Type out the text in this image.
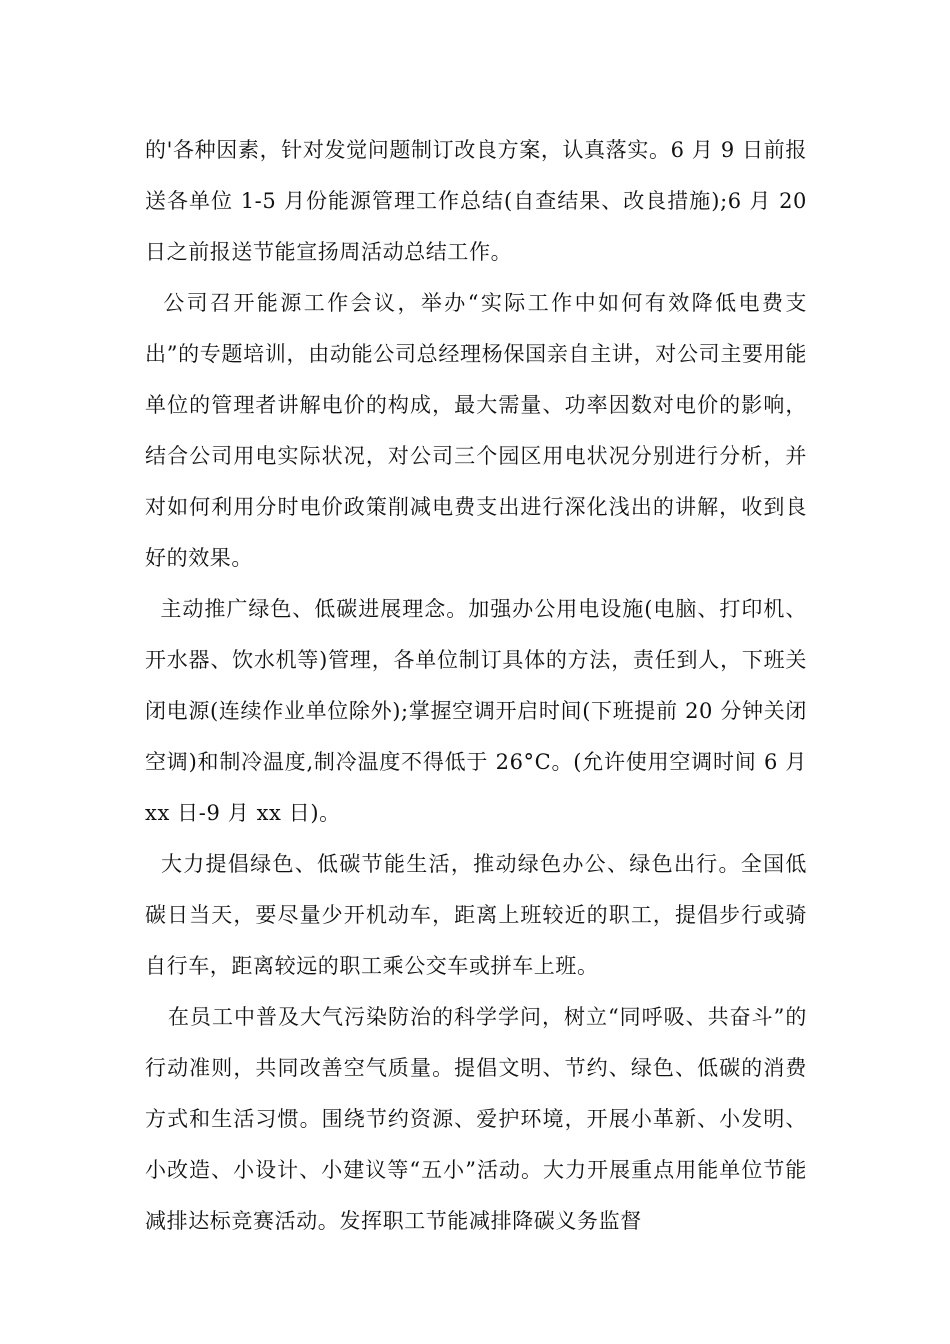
的'各种因素，针对发觉问题制订改良方案，认真落实。6 月 9 日前报送各单位 1-5 月份能源管理工作总结(自查结果、改良措施);6 月 20 日之前报送节能宣扬周活动总结工作。

公司召开能源工作会议，举办“实际工作中如何有效降低电费支出”的专题培训，由动能公司总经理杨保国亲自主讲，对公司主要用能单位的管理者讲解电价的构成，最大需量、功率因数对电价的影响，结合公司用电实际状况，对公司三个园区用电状况分别进行分析，并对如何利用分时电价政策削减电费支出进行深化浅出的讲解，收到良好的效果。

主动推广绿色、低碳进展理念。加强办公用电设施(电脑、打印机、开水器、饮水机等)管理，各单位制订具体的方法，责任到人，下班关闭电源(连续作业单位除外);掌握空调开启时间(下班提前 20 分钟关闭空调)和制冷温度,制冷温度不得低于 26°C。(允许使用空调时间 6 月 xx 日-9 月 xx 日)。

大力提倡绿色、低碳节能生活，推动绿色办公、绿色出行。全国低碳日当天，要尽量少开机动车，距离上班较近的职工，提倡步行或骑自行车，距离较远的职工乘公交车或拼车上班。

在员工中普及大气污染防治的科学学问，树立“同呼吸、共奋斗”的行动准则，共同改善空气质量。提倡文明、节约、绿色、低碳的消费方式和生活习惯。围绕节约资源、爱护环境，开展小革新、小发明、小改造、小设计、小建议等“五小”活动。大力开展重点用能单位节能减排达标竞赛活动。发挥职工节能减排降碳义务监督
